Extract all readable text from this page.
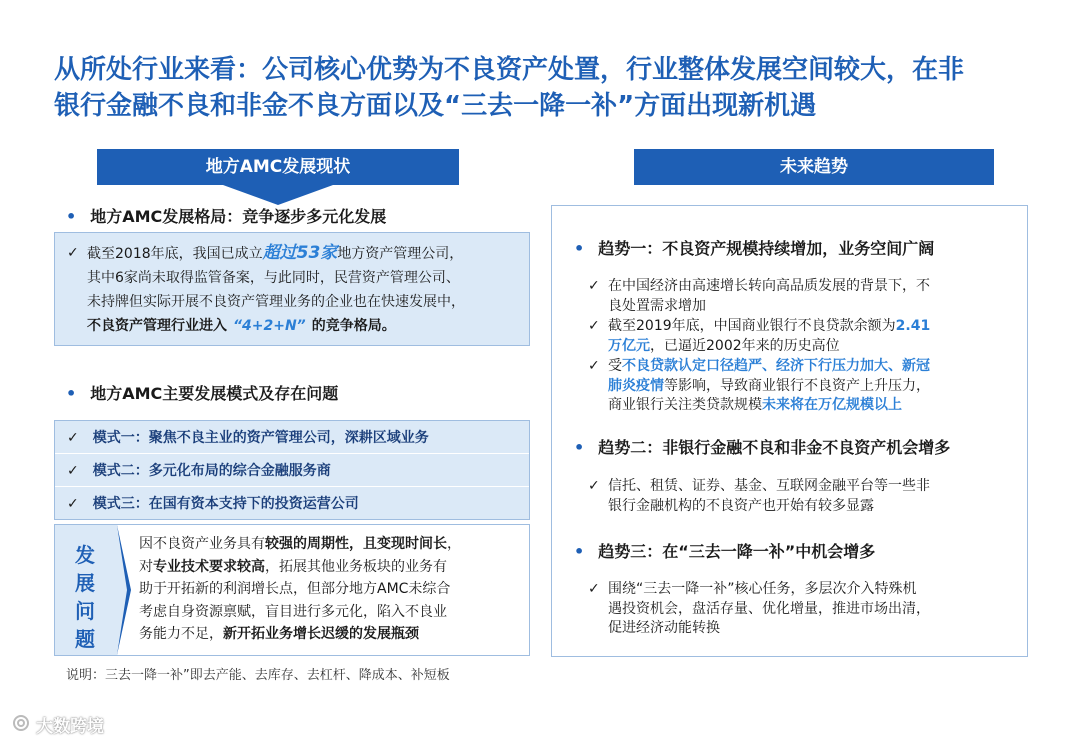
从所处行业来看：公司核心优势为不良资产处置，行业整体发展空间较大，在非
银行金融不良和非金不良方面以及“三去一降一补”方面出现新机遇
地方AMC发展现状
• 地方AMC发展格局：竞争逐步多元化发展
✓ 截至2018年底，我国已成立超过53家地方资产管理公司，
其中6家尚未取得监管备案，与此同时，民营资产管理公司、
未持牌但实际开展不良资产管理业务的企业也在快速发展中，
不良资产管理行业进入 “4+2+N” 的竞争格局。
• 地方AMC主要发展模式及存在问题
✓ 模式一：聚焦不良主业的资产管理公司，深耕区域业务
✓ 模式二：多元化布局的综合金融服务商
✓ 模式三：在国有资本支持下的投资运营公司
发
展
问
题
因不良资产业务具有较强的周期性，且变现时间长，
对专业技术要求较高，拓展其他业务板块的业务有
助于开拓新的利润增长点，但部分地方AMC未综合
考虑自身资源禀赋，盲目进行多元化，陷入不良业
务能力不足，新开拓业务增长迟缓的发展瓶颈
说明：三去一降一补”即去产能、去库存、去杠杆、降成本、补短板
未来趋势
• 趋势一：不良资产规模持续增加，业务空间广阔
✓ 在中国经济由高速增长转向高品质发展的背景下，不
良处置需求增加
✓ 截至2019年底，中国商业银行不良贷款余额为2.41
万亿元，已逼近2002年来的历史高位
✓ 受不良贷款认定口径趋严、经济下行压力加大、新冠
肺炎疫情等影响，导致商业银行不良资产上升压力，
商业银行关注类贷款规模未来将在万亿规模以上
• 趋势二：非银行金融不良和非金不良资产机会增多
✓ 信托、租赁、证券、基金、互联网金融平台等一些非
银行金融机构的不良资产也开始有较多显露
• 趋势三：在“三去一降一补”中机会增多
✓ 围绕“三去一降一补”核心任务，多层次介入特殊机
遇投资机会，盘活存量、优化增量，推进市场出清，
促进经济动能转换
大数跨境
